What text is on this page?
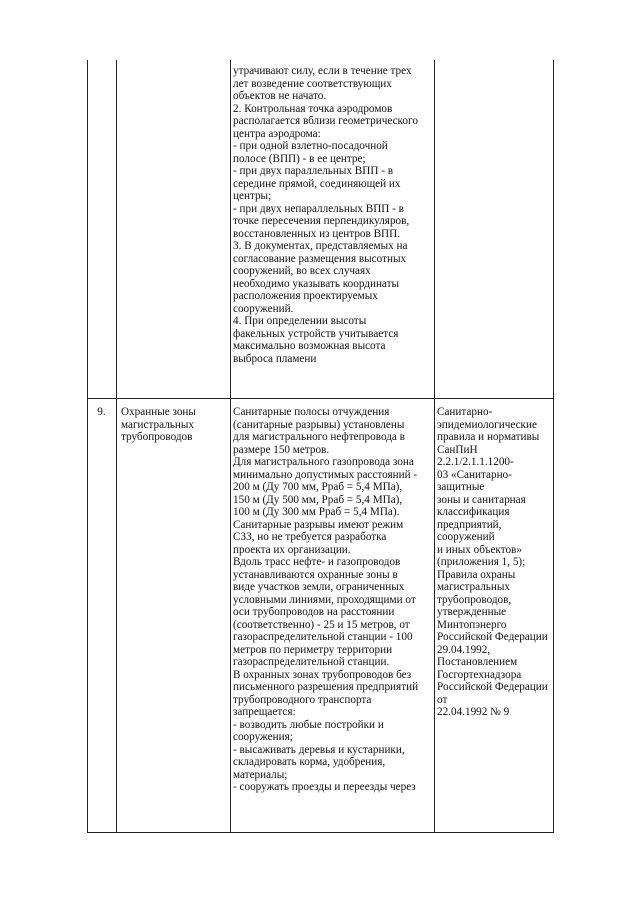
утрачивают силу, если в течение трех
лет возведение соответствующих
объектов не начато.
2. Контрольная точка аэродромов
располагается вблизи геометрического
центра аэродрома:
- при одной взлетно-посадочной
полосе (ВПП) - в ее центре;
- при двух параллельных ВПП - в
середине прямой, соединяющей их
центры;
- при двух непараллельных ВПП - в
точке пересечения перпендикуляров,
восстановленных из центров ВПП.
3. В документах, представляемых на
согласование размещения высотных
сооружений, во всех случаях
необходимо указывать координаты
расположения проектируемых
сооружений.
4. При определении высоты
факельных устройств учитывается
максимально возможная высота
выброса пламени
9.	Охранные зоны
магистральных
трубопроводов
Санитарные полосы отчуждения
(санитарные разрывы) установлены
для магистрального нефтепровода в
размере 150 метров.
Для магистрального газопровода зона
минимально допустимых расстояний -
200 м (Ду 700 мм, Рраб = 5,4 МПа),
150 м (Ду 500 мм, Рраб = 5,4 МПа),
100 м (Ду 300 мм Рраб = 5,4 МПа).
Санитарные разрывы имеют режим
СЗЗ, но не требуется разработка
проекта их организации.
Вдоль трасс нефте- и газопроводов
устанавливаются охранные зоны в
виде участков земли, ограниченных
условными линиями, проходящими от
оси трубопроводов на расстоянии
(соответственно) - 25 и 15 метров, от
газораспределительной станции - 100
метров по периметру территории
газораспределительной станции.
В охранных зонах трубопроводов без
письменного разрешения предприятий
трубопроводного транспорта
запрещается:
- возводить любые постройки и
сооружения;
- высаживать деревья и кустарники,
складировать корма, удобрения,
материалы;
- сооружать проезды и переезды через
Санитарно-
эпидемиологические
правила и нормативы
СанПиН 2.2.1/2.1.1.1200-
03 «Санитарно-защитные
зоны и санитарная
классификация
предприятий, сооружений
и иных объектов»
(приложения 1, 5);
Правила охраны
магистральных
трубопроводов,
утвержденные
Минтопэнерго
Российской Федерации
29.04.1992,
Постановлением
Госгортехнадзора
Российской Федерации от
22.04.1992 № 9
